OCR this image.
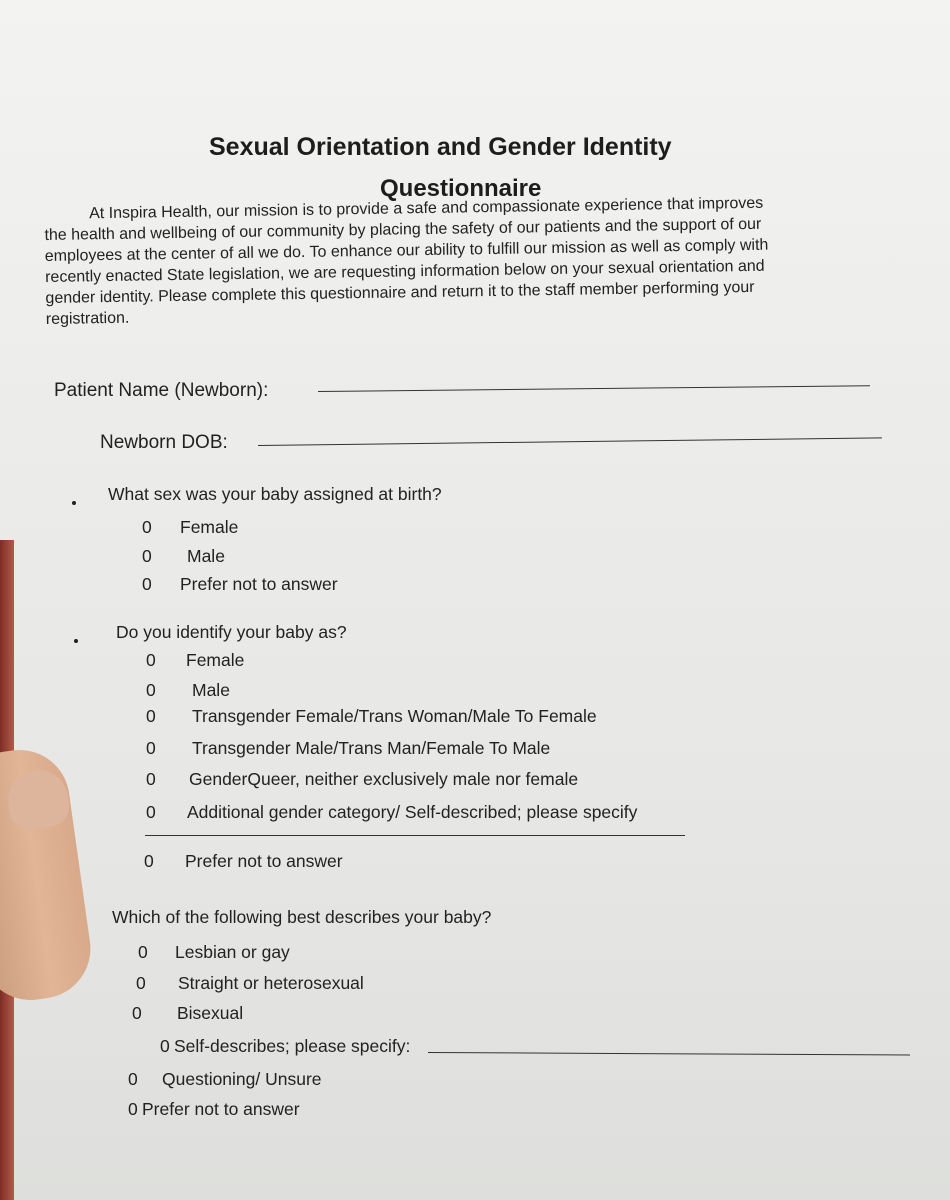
Sexual Orientation and Gender Identity
Questionnaire

At Inspira Health, our mission is to provide a safe and compassionate experience that improves

the health and wellbeing of our community by placing the safety of our patients and the support of our

employees at the center of all we do. To enhance our ability to fulfill our mission as well as comply with

recently enacted State legislation, we are requesting information below on your sexual orientation and

gender identity. Please complete this questionnaire and return it to the staff member performing your

registration.

Patient Name (Newborn):
Newborn DOB:
What sex was your baby assigned at birth?
0 Female
0 Male
0 Prefer not to answer
Do you identify your baby as?
0 Female
0 Male
0 Transgender Female/Trans Woman/Male To Female
0 Transgender Male/Trans Man/Female To Male
0 GenderQueer, neither exclusively male nor female
0 Additional gender category/ Self-described; please specify
0 Prefer not to answer
Which of the following best describes your baby?
0 Lesbian or gay
0 Straight or heterosexual
0 Bisexual
0 Self-describes; please specify:
0 Questioning/ Unsure
0 Prefer not to answer
